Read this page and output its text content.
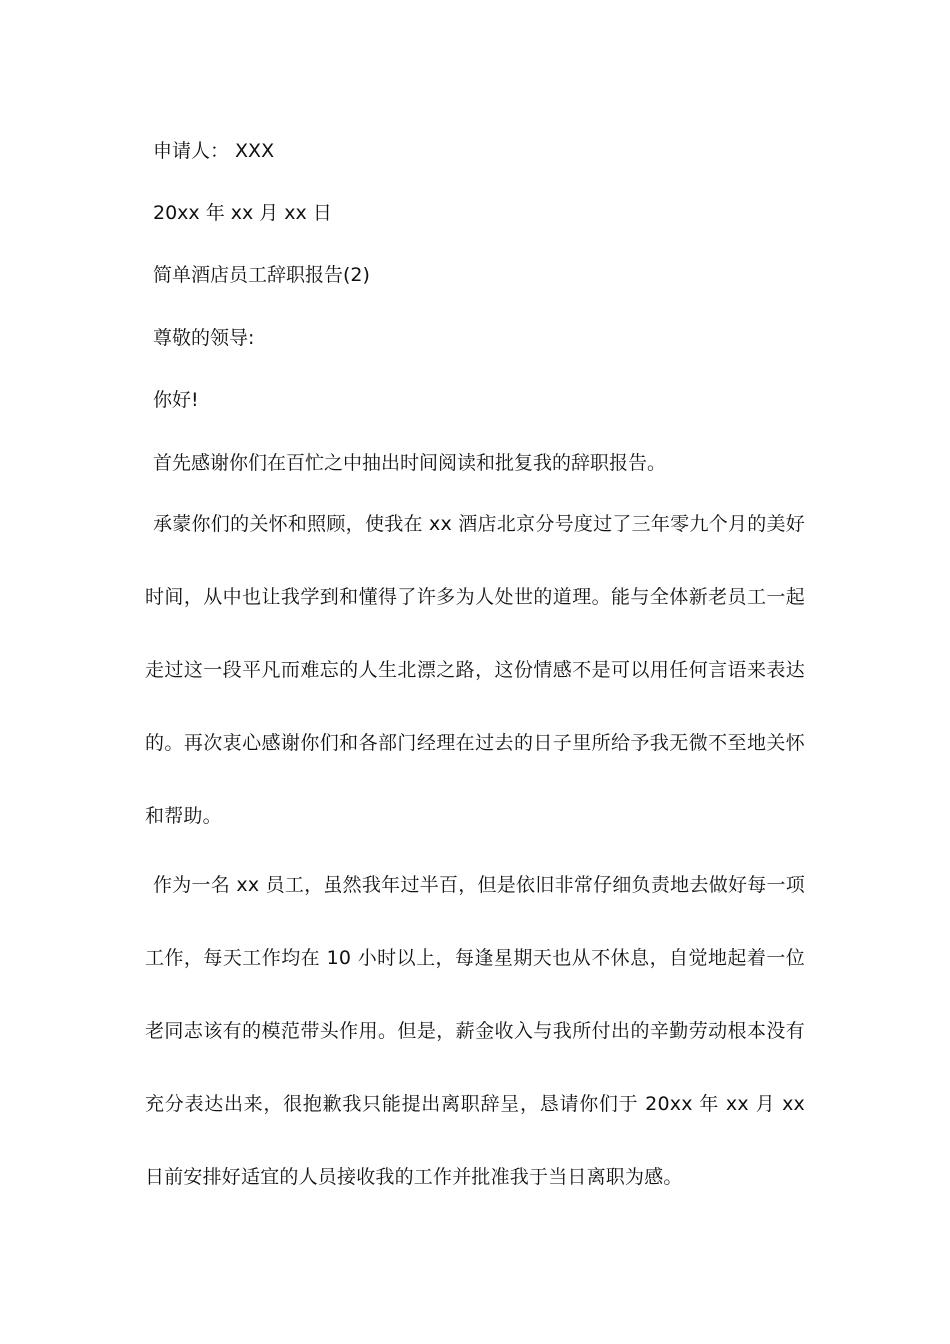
申请人： XXX

20xx 年 xx 月 xx 日

简单酒店员工辞职报告(2)

尊敬的领导:

你好!

首先感谢你们在百忙之中抽出时间阅读和批复我的辞职报告。

承蒙你们的关怀和照顾，使我在 xx 酒店北京分号度过了三年零九个月的美好时间，从中也让我学到和懂得了许多为人处世的道理。能与全体新老员工一起走过这一段平凡而难忘的人生北漂之路，这份情感不是可以用任何言语来表达的。再次衷心感谢你们和各部门经理在过去的日子里所给予我无微不至地关怀和帮助。

作为一名 xx 员工，虽然我年过半百，但是依旧非常仔细负责地去做好每一项工作，每天工作均在 10 小时以上，每逢星期天也从不休息，自觉地起着一位老同志该有的模范带头作用。但是，薪金收入与我所付出的辛勤劳动根本没有充分表达出来，很抱歉我只能提出离职辞呈，恳请你们于 20xx 年 xx 月 xx 日前安排好适宜的人员接收我的工作并批准我于当日离职为感。
